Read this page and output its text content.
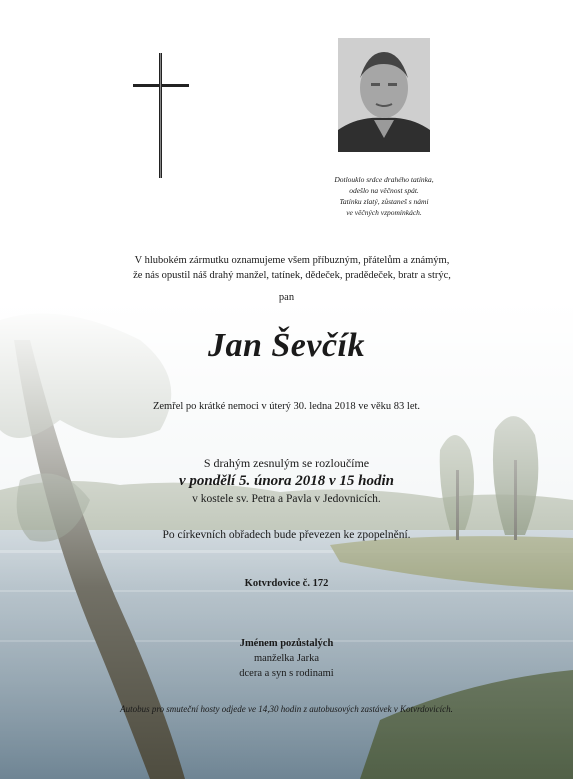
Dotlouklo srdce drahého tatínka,
odešlo na věčnost spát.
Tatínku zlatý, zůstaneš s námi
ve věčných vzpomínkách.
V hlubokém zármutku oznamujeme všem příbuzným, přátelům a známým,
že nás opustil náš drahý manžel, tatínek, dědeček, pradědeček, bratr a strýc,
pan
Jan Ševčík
Zemřel po krátké nemoci v úterý 30. ledna 2018 ve věku 83 let.
S drahým zesnulým se rozloučíme
v pondělí 5. února 2018 v 15 hodin
v kostele sv. Petra a Pavla v Jedovnicích.
Po církevních obřadech bude převezen ke zpopelnění.
Kotvrdovice č. 172
Jménem pozůstalých
manželka Jarka
dcera a syn s rodinami
Autobus pro smuteční hosty odjede ve 14,30 hodin z autobusových zastávek v Kotvrdovicích.
